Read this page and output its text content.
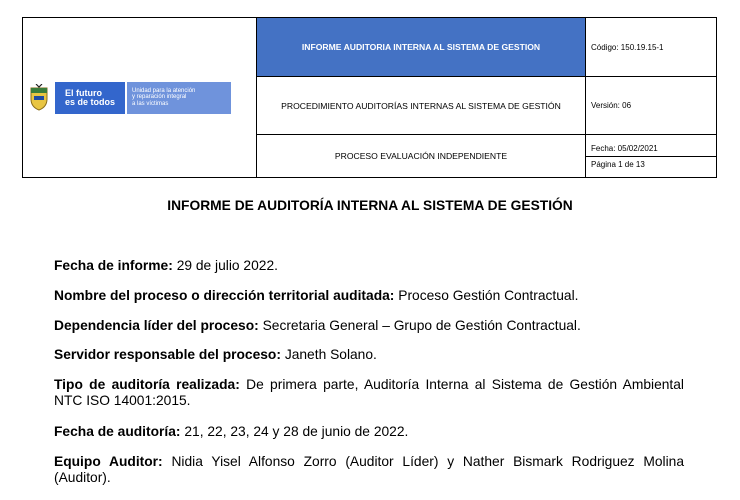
El futuro
es de todos
Unidad para la atención
y reparación integral
a las víctimas	INFORME AUDITORIA INTERNA AL SISTEMA DE GESTION	Código: 150.19.15-1
	PROCEDIMIENTO AUDITORÍAS INTERNAS AL SISTEMA DE GESTIÓN	Versión: 06
	PROCESO EVALUACIÓN INDEPENDIENTE	Fecha: 05/02/2021
Página 1 de 13
INFORME DE AUDITORÍA INTERNA AL SISTEMA DE GESTIÓN
Fecha de informe: 29 de julio 2022.
Nombre del proceso o dirección territorial auditada: Proceso Gestión Contractual.
Dependencia líder del proceso: Secretaria General – Grupo de Gestión Contractual.
Servidor responsable del proceso: Janeth Solano.
Tipo de auditoría realizada: De primera parte, Auditoría Interna al Sistema de Gestión Ambiental NTC ISO 14001:2015.
Fecha de auditoría: 21, 22, 23, 24 y 28 de junio de 2022.
Equipo Auditor: Nidia Yisel Alfonso Zorro (Auditor Líder) y Nather Bismark Rodriguez Molina (Auditor).
